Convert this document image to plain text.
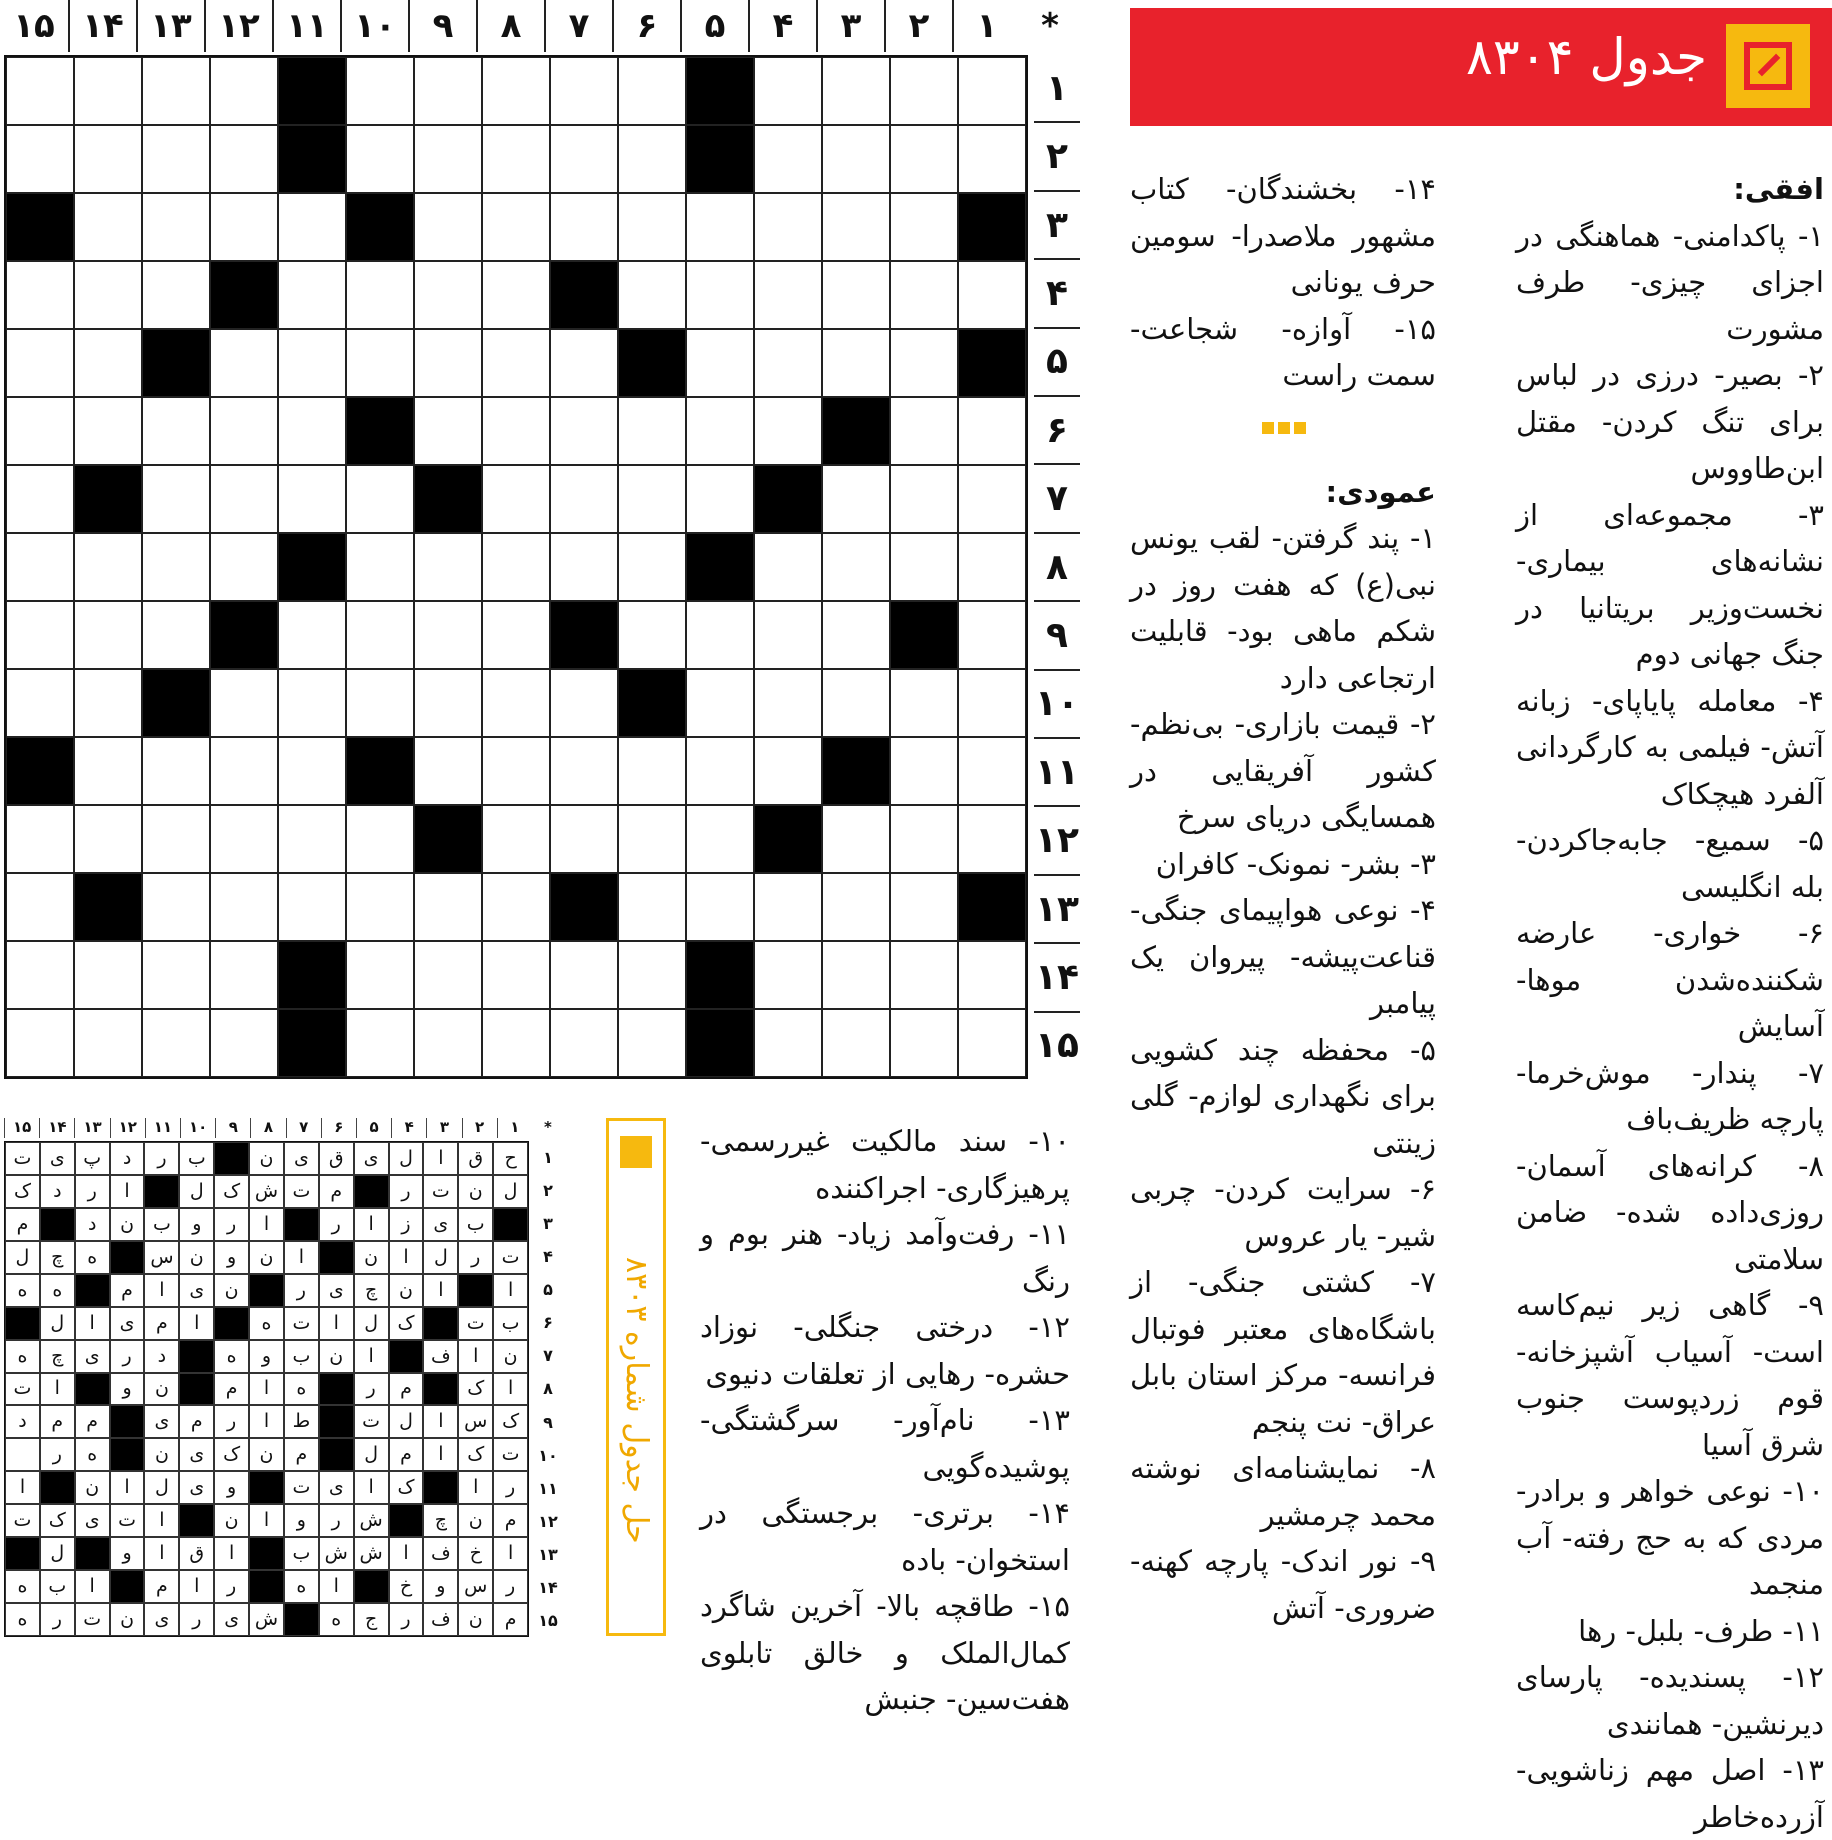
*
۱
۲
۳
۴
۵
۶
۷
۸
۹
۱۰
۱۱
۱۲
۱۳
۱۴
۱۵
۱
۲
۳
۴
۵
۶
۷
۸
۹
۱۰
۱۱
۱۲
۱۳
۱۴
۱۵
جدول ۸۳۰۴
افقی:
۱- پاکدامنی- هماهنگی در اجزای چیزی- طرف مشورت
۲- بصیر- درزی در لباس برای تنگ کردن- مقتل ابن‌طاووس
۳- مجموعه‌ای از نشانه‌های بیماری- نخست‌وزیر بریتانیا در جنگ جهانی دوم
۴- معامله پاياپای- زبانه آتش- فیلمی به کارگردانی آلفرد هیچکاک
۵- سمیع- جابه‌جاکردن- بله انگلیسی
۶- خواری- عارضه شکننده‌شدن موها- آسایش
۷- پندار- موش‌خرما- پارچه ظریف‌باف
۸- کرانه‌های آسمان- روزی‌داده شده- ضامن سلامتی
۹- گاهی زیر نیم‌کاسه است- آسیاب آشپزخانه- قوم زردپوست جنوب شرق آسیا
۱۰- نوعی خواهر و برادر- مردی که به حج رفته- آب منجمد
۱۱- طرف- بلبل- رها
۱۲- پسندیده- پارسای دیرنشین- همانندی
۱۳- اصل مهم زناشویی- آزرده‌خاطر
۱۴- بخشندگان- کتاب مشهور ملاصدرا- سومین حرف یونانی
۱۵- آوازه- شجاعت- سمت راست
عمودی:
۱- پند گرفتن- لقب یونس نبی(ع) که هفت روز در شکم ماهی بود- قابلیت ارتجاعی دارد
۲- قیمت بازاری- بی‌نظم- کشور آفریقایی در همسایگی دریای سرخ
۳- بشر- نمونک- کافران
۴- نوعی هواپیمای جنگی- قناعت‌پیشه- پیروان یک پیامبر
۵- محفظه چند کشویی برای نگهداری لوازم- گلی زینتی
۶- سرایت کردن- چربی شیر- یار عروس
۷- کشتی جنگی- از باشگاه‌های معتبر فوتبال فرانسه- مرکز استان بابل عراق- نت پنجم
۸- نمایشنامه‌ای نوشته محمد چرمشیر
۹- نور اندک- پارچه کهنه- ضروری- آتش
۱۰- سند مالکیت غیررسمی- پرهیزگاری- اجراکننده
۱۱- رفت‌وآمد زیاد- هنر بوم و رنگ
۱۲- درختی جنگلی- نوزاد حشره- رهایی از تعلقات دنیوی
۱۳- نام‌آور- سرگشتگی- پوشیده‌گویی
۱۴- برتری- برجستگی در استخوان- باده
۱۵- طاقچه بالا- آخرین شاگرد کمال‌الملک و خالق تابلوی هفت‌سین- جنبش
حل جدول شماره ۸۳۰۳
*
۱
۲
۳
۴
۵
۶
۷
۸
۹
۱۰
۱۱
۱۲
۱۳
۱۴
۱۵
ح
ق
ا
ل
ی
ق
ی
ن
ب
ر
د
پ
ی
ت
ل
ن
ت
ر
م
ت
ش
ک
ل
ا
ر
د
ک
ب
ی
ز
ا
ر
ا
ر
و
ب
ن
د
م
ت
ر
ل
ا
ن
ا
ن
و
ن
س
ه
چ
ل
ا
ا
ن
چ
ی
ر
ن
ی
ا
م
ه
ه
ب
ت
ک
ل
ا
ت
ه
ا
م
ی
ا
ل
ن
ا
ف
ا
ن
ب
و
ه
د
ر
ی
چ
ه
ا
ک
م
ر
ه
ا
م
ن
و
ا
ت
ک
س
ا
ل
ت
ط
ا
ر
م
ی
م
م
د
ت
ک
ا
م
ل
م
ن
ک
ی
ن
ه
ر
ر
ا
ک
ا
ی
ت
و
ی
ل
ا
ن
ا
م
ن
چ
ش
ر
و
ا
ن
ا
ت
ی
ک
ت
ا
خ
ف
ا
ش
ش
ب
ا
ق
ا
و
ل
ر
س
و
خ
ا
ه
ر
ا
م
ا
ب
ه
م
ن
ف
ر
ج
ه
ش
ی
ر
ی
ن
ت
ر
ه
۱
۲
۳
۴
۵
۶
۷
۸
۹
۱۰
۱۱
۱۲
۱۳
۱۴
۱۵
